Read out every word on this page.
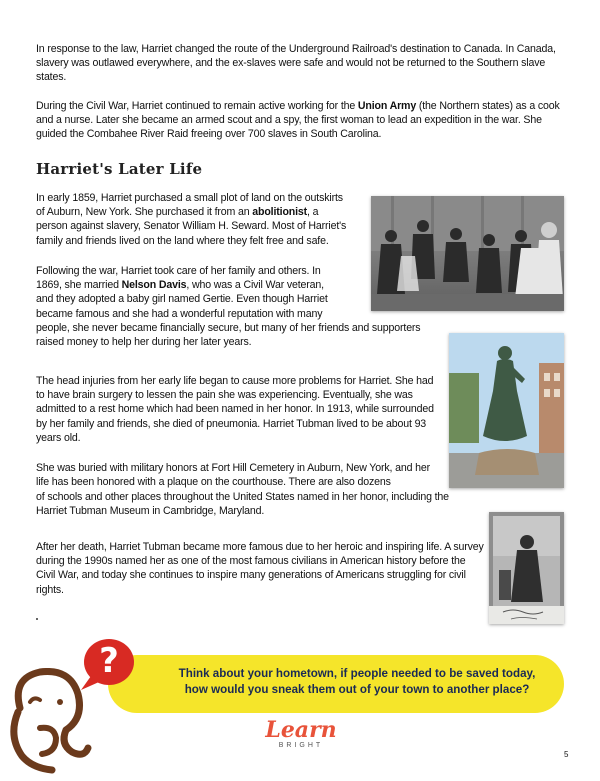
In response to the law, Harriet changed the route of the Underground Railroad's destination to Canada. In Canada, slavery was outlawed everywhere, and the ex-slaves were safe and would not be returned to the Southern slave states.

During the Civil War, Harriet continued to remain active working for the Union Army (the Northern states) as a cook and a nurse. Later she became an armed scout and a spy, the first woman to lead an expedition in the war. She guided the Combahee River Raid freeing over 700 slaves in South Carolina.

Harriet's Later Life
In early 1859, Harriet purchased a small plot of land on the outskirts
of Auburn, New York. She purchased it from an abolitionist, a
person against slavery, Senator William H. Seward. Most of Harriet's
family and friends lived on the land where they felt free and safe.
Following the war, Harriet took care of her family and others. In
1869, she married Nelson Davis, who was a Civil War veteran,
and they adopted a baby girl named Gertie. Even though Harriet
became famous and she had a wonderful reputation with many
people, she never became financially secure, but many of her friends and supporters
raised money to help her during her later years.

The head injuries from her early life began to cause more problems for Harriet. She had to have brain surgery to lessen the pain she was experiencing. Eventually, she was admitted to a rest home which had been named in her honor. In 1913, while surrounded by her family and friends, she died of pneumonia. Harriet Tubman lived to be about 93 years old.

She was buried with military honors at Fort Hill Cemetery in Auburn, New York, and her life has been honored with a plaque on the courthouse. There are also dozens

of schools and other places throughout the United States named in her honor, including the Harriet Tubman Museum in Cambridge, Maryland.

After her death, Harriet Tubman became more famous due to her heroic and inspiring life. A survey during the 1990s named her as one of the most famous civilians in American history before the Civil War, and today she continues to inspire many generations of Americans struggling for civil rights.

?	Think about your hometown, if people needed to be saved today, how would you sneak them out of your town to another place?
Learn
BRIGHT
5
